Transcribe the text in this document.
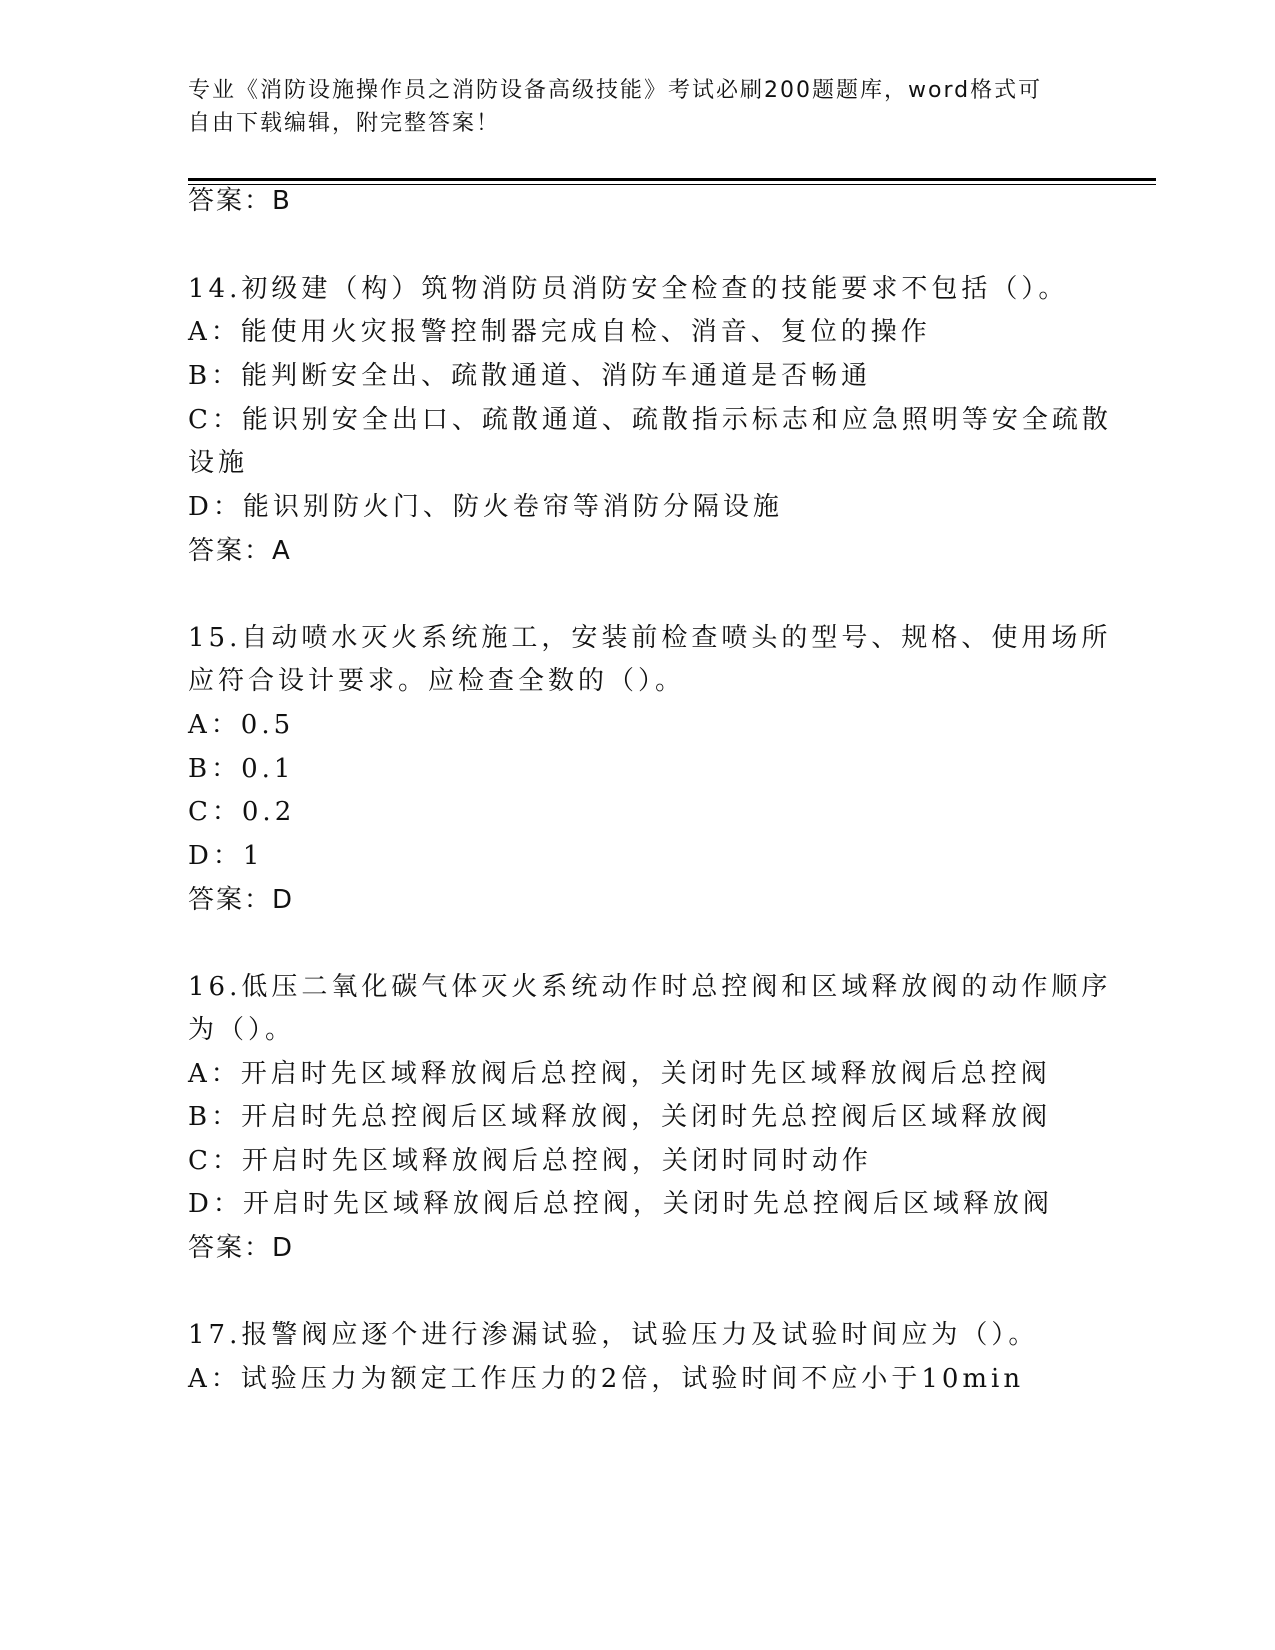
专业《消防设施操作员之消防设备高级技能》考试必刷200题题库，word格式可
自由下载编辑，附完整答案！
答案：B
14.初级建（构）筑物消防员消防安全检查的技能要求不包括（）。
A：能使用火灾报警控制器完成自检、消音、复位的操作
B：能判断安全出、疏散通道、消防车通道是否畅通
C：能识别安全出口、疏散通道、疏散指示标志和应急照明等安全疏散
设施
D：能识别防火门、防火卷帘等消防分隔设施
答案：A
15.自动喷水灭火系统施工，安装前检查喷头的型号、规格、使用场所
应符合设计要求。应检查全数的（）。
A：0.5
B：0.1
C：0.2
D：1
答案：D
16.低压二氧化碳气体灭火系统动作时总控阀和区域释放阀的动作顺序
为（）。
A：开启时先区域释放阀后总控阀，关闭时先区域释放阀后总控阀
B：开启时先总控阀后区域释放阀，关闭时先总控阀后区域释放阀
C：开启时先区域释放阀后总控阀，关闭时同时动作
D：开启时先区域释放阀后总控阀，关闭时先总控阀后区域释放阀
答案：D
17.报警阀应逐个进行渗漏试验，试验压力及试验时间应为（）。
A：试验压力为额定工作压力的2倍，试验时间不应小于10min
